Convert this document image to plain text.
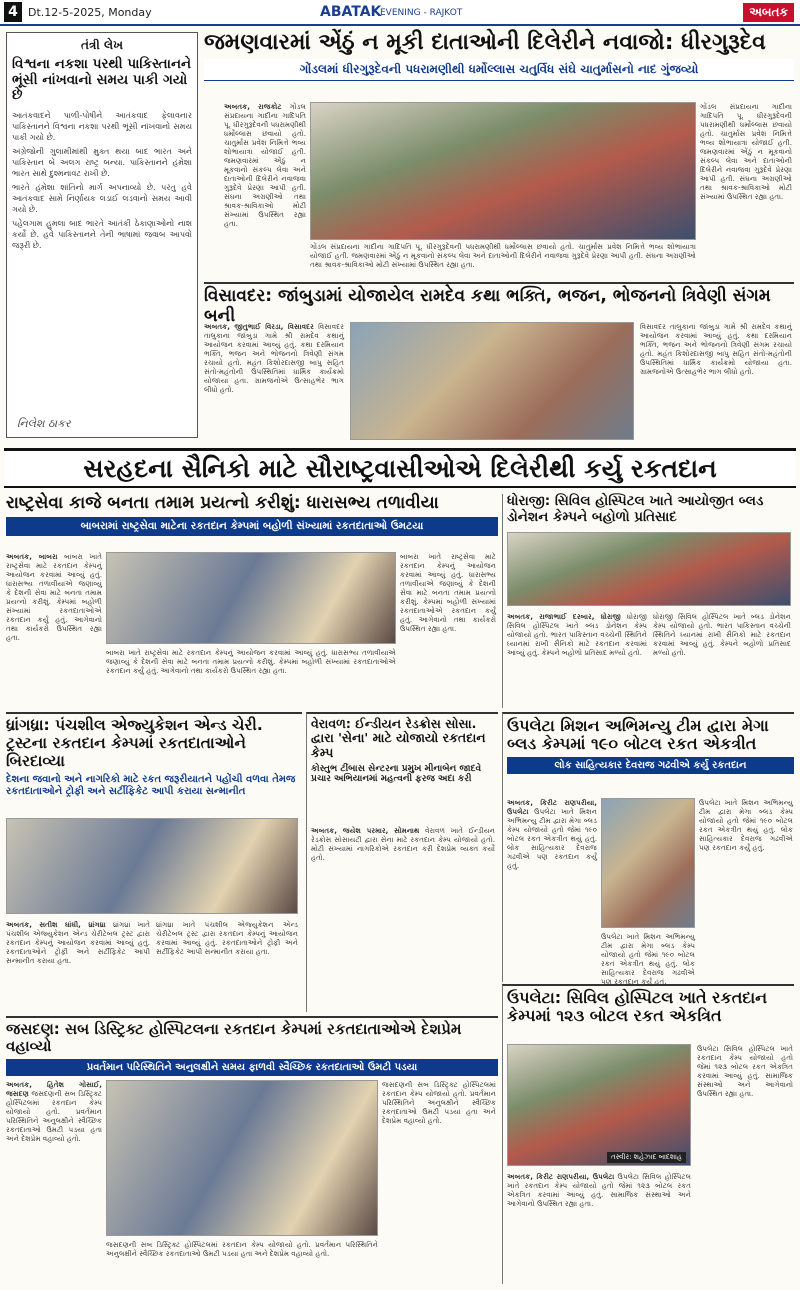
4 Dt.12-5-2025, Monday	ABATAK
EVENING - RAJKOT	અબતક
તંત્રી લેખ
વિશ્વના નકશા પરથી પાકિસ્તાનને ભૂંસી નાંખવાનો સમય પાકી ગયો છે

આતંકવાદને પાળી-પોષીને આતંકવાદ ફેલાવનાર પાકિસ્તાનને વિશ્વના નકશા પરથી ભૂંસી નાંખવાનો સમય પાકી ગયો છે.

અંગ્રેજોની ગુલામીમાંથી મુક્ત થયા બાદ ભારત અને પાકિસ્તાન બે અલગ રાષ્ટ્ર બન્યા. પાકિસ્તાનને હંમેશા ભારત સાથે દુશ્મનાવટ રાખી છે.

ભારતે હંમેશા શાંતિનો માર્ગ અપનાવ્યો છે. પરંતુ હવે આતંકવાદ સામે નિર્ણાયક લડાઈ લડવાનો સમય આવી ગયો છે.

પહેલગામ હુમલા બાદ ભારતે આતંકી ઠેકાણાઓનો નાશ કર્યો છે. હવે પાકિસ્તાનને તેની ભાષામાં જવાબ આપવો જરૂરી છે.

નિલેશ ઠાકર
જમણવારમાં એંઠું ન મૂકી દાતાઓની દિલેરીને નવાજો: ધીરગુરૂદેવ
ગોંડલમાં ધીરગુરૂદેવની પધરામણીથી ધર્મોલ્લાસ ચતુર્વિધ સંઘે ચાતુર્માસનો નાદ ગુંજવ્યો
અબતક, રાજકોટ ગોંડલ સંપ્રદાયના ગાદીના ગાદિપતિ પૂ. ધીરગુરૂદેવની પધરામણીથી ધર્મોલ્લાસ છવાયો હતો. ચાતુર્માસ પ્રવેશ નિમિત્તે ભવ્ય શોભાયાત્રા યોજાઈ હતી. જમણવારમાં એંઠું ન મૂકવાનો સંકલ્પ લેવા અને દાતાઓની દિલેરીને નવાજવા ગુરૂદેવે પ્રેરણા આપી હતી. સંઘના અગ્રણીઓ તથા શ્રાવક-શ્રાવિકાઓ મોટી સંખ્યામાં ઉપસ્થિત રહ્યા હતા.
ગોંડલ સંપ્રદાયના ગાદીના ગાદિપતિ પૂ. ધીરગુરૂદેવની પધરામણીથી ધર્મોલ્લાસ છવાયો હતો. ચાતુર્માસ પ્રવેશ નિમિત્તે ભવ્ય શોભાયાત્રા યોજાઈ હતી. જમણવારમાં એંઠું ન મૂકવાનો સંકલ્પ લેવા અને દાતાઓની દિલેરીને નવાજવા ગુરૂદેવે પ્રેરણા આપી હતી. સંઘના અગ્રણીઓ તથા શ્રાવક-શ્રાવિકાઓ મોટી સંખ્યામાં ઉપસ્થિત રહ્યા હતા.
ગોંડલ સંપ્રદાયના ગાદીના ગાદિપતિ પૂ. ધીરગુરૂદેવની પધરામણીથી ધર્મોલ્લાસ છવાયો હતો. ચાતુર્માસ પ્રવેશ નિમિત્તે ભવ્ય શોભાયાત્રા યોજાઈ હતી. જમણવારમાં એંઠું ન મૂકવાનો સંકલ્પ લેવા અને દાતાઓની દિલેરીને નવાજવા ગુરૂદેવે પ્રેરણા આપી હતી. સંઘના અગ્રણીઓ તથા શ્રાવક-શ્રાવિકાઓ મોટી સંખ્યામાં ઉપસ્થિત રહ્યા હતા.
વિસાવદર: જાંબુડામાં યોજાયેલ રામદેવ કથા ભક્તિ, ભજન, ભોજનનો ત્રિવેણી સંગમ બની
અબતક, જીતુભાઈ વિરડા, વિસાવદર વિસાવદર તાલુકાના જાંબુડા ગામે શ્રી રામદેવ કથાનું આયોજન કરવામાં આવ્યું હતું. કથા દરમિયાન ભક્તિ, ભજન અને ભોજનનો ત્રિવેણી સંગમ રચાયો હતો. મહંત કિશોરદાસજી બાપુ સહિત સંતો-મહંતોની ઉપસ્થિતિમાં ધાર્મિક કાર્યક્રમો યોજાયા હતા. ગ્રામજનોએ ઉત્સાહભેર ભાગ લીધો હતો.
વિસાવદર તાલુકાના જાંબુડા ગામે શ્રી રામદેવ કથાનું આયોજન કરવામાં આવ્યું હતું. કથા દરમિયાન ભક્તિ, ભજન અને ભોજનનો ત્રિવેણી સંગમ રચાયો હતો. મહંત કિશોરદાસજી બાપુ સહિત સંતો-મહંતોની ઉપસ્થિતિમાં ધાર્મિક કાર્યક્રમો યોજાયા હતા. ગ્રામજનોએ ઉત્સાહભેર ભાગ લીધો હતો.
સરહદના સૈનિકો માટે સૌરાષ્ટ્રવાસીઓએ દિલેરીથી કર્યુ રકતદાન
રાષ્ટ્રસેવા કાજે બનતા તમામ પ્રયત્નો કરીશું: ધારાસભ્ય તળાવીયા
બાબરામાં રાષ્ટ્રસેવા માટેના રકતદાન કેમ્પમાં બહોળી સંખ્યામાં રકતદાતાઓ ઉમટયા
અબતક, બાબરા બાબરા ખાતે રાષ્ટ્રસેવા માટે રકતદાન કેમ્પનું આયોજન કરવામાં આવ્યું હતું. ધારાસભ્ય તળાવીયાએ જણાવ્યું કે દેશની સેવા માટે બનતા તમામ પ્રયત્નો કરીશું. કેમ્પમાં બહોળી સંખ્યામાં રકતદાતાઓએ રકતદાન કર્યું હતું. આગેવાનો તથા કાર્યકરો ઉપસ્થિત રહ્યા હતા.
બાબરા ખાતે રાષ્ટ્રસેવા માટે રકતદાન કેમ્પનું આયોજન કરવામાં આવ્યું હતું. ધારાસભ્ય તળાવીયાએ જણાવ્યું કે દેશની સેવા માટે બનતા તમામ પ્રયત્નો કરીશું. કેમ્પમાં બહોળી સંખ્યામાં રકતદાતાઓએ રકતદાન કર્યું હતું. આગેવાનો તથા કાર્યકરો ઉપસ્થિત રહ્યા હતા.
બાબરા ખાતે રાષ્ટ્રસેવા માટે રકતદાન કેમ્પનું આયોજન કરવામાં આવ્યું હતું. ધારાસભ્ય તળાવીયાએ જણાવ્યું કે દેશની સેવા માટે બનતા તમામ પ્રયત્નો કરીશું. કેમ્પમાં બહોળી સંખ્યામાં રકતદાતાઓએ રકતદાન કર્યું હતું. આગેવાનો તથા કાર્યકરો ઉપસ્થિત રહ્યા હતા.
ધોરાજી: સિવિલ હોસ્પિટલ ખાતે આયોજીત બ્લડ ડોનેશન કેમ્પને બહોળો પ્રતિસાદ
અબતક, રાજાભાઈ દરબાર, ધોરાજી ધોરાજી સિવિલ હોસ્પિટલ ખાતે બ્લડ ડોનેશન કેમ્પ યોજાયો હતો. ભારત પાકિસ્તાન વચ્ચેની સ્થિતિને ધ્યાનમાં રાખી સૈનિકો માટે રકતદાન કરવામાં આવ્યું હતું. કેમ્પને બહોળો પ્રતિસાદ મળ્યો હતો.
ધોરાજી સિવિલ હોસ્પિટલ ખાતે બ્લડ ડોનેશન કેમ્પ યોજાયો હતો. ભારત પાકિસ્તાન વચ્ચેની સ્થિતિને ધ્યાનમાં રાખી સૈનિકો માટે રકતદાન કરવામાં આવ્યું હતું. કેમ્પને બહોળો પ્રતિસાદ મળ્યો હતો.
ધ્રાંગધ્રા: પંચશીલ એજ્યુકેશન એન્ડ ચેરી. ટ્રસ્ટના રકતદાન કેમ્પમાં રકતદાતાઓને બિરદાવ્યા
દેશના જવાનો અને નાગરિકો માટે રકત જરૂરીયાતને પહોંચી વળવા તેમજ રકતદાતાઓને ટ્રોફી અને સર્ટીફિકેટ આપી કરાયા સન્માનીત
અબતક, સતીશ ઘાંઘી, ધ્રાંગધ્રા ધ્રાંગધ્રા ખાતે પંચશીલ એજ્યુકેશન એન્ડ ચેરીટેબલ ટ્રસ્ટ દ્વારા રકતદાન કેમ્પનું આયોજન કરવામાં આવ્યું હતું. રકતદાતાઓને ટ્રોફી અને સર્ટીફિકેટ આપી સન્માનીત કરાયા હતા.
ધ્રાંગધ્રા ખાતે પંચશીલ એજ્યુકેશન એન્ડ ચેરીટેબલ ટ્રસ્ટ દ્વારા રકતદાન કેમ્પનું આયોજન કરવામાં આવ્યું હતું. રકતદાતાઓને ટ્રોફી અને સર્ટીફિકેટ આપી સન્માનીત કરાયા હતા.
વેરાવળ: ઈન્ડીયન રેડક્રોસ સોસા. દ્વારા 'સેના' માટે યોજાયો રકતદાન કેમ્પ
કોસ્તુભ ટીંબાસ સેન્ટરના પ્રમુખ મીનાબેન જાદવે પ્રચાર અભિયાનમાં મહત્વની ફરજ અદા કરી
અબતક, જયેશ પરમાર, સોમનાથ વેરાવળ ખાતે ઈન્ડીયન રેડક્રોસ સોસાયટી દ્વારા સેના માટે રકતદાન કેમ્પ યોજાયો હતો. મોટી સંખ્યામાં નાગરિકોએ રકતદાન કરી દેશપ્રેમ વ્યક્ત કર્યો હતો.
ઉપલેટા મિશન અભિમન્યુ ટીમ દ્વારા મેગા બ્લડ કેમ્પમાં ૧૯૦ બોટલ રકત એકત્રીત
લોક સાહિત્યકાર દેવરાજ ગઢવીએ કર્યુ રકતદાન
અબતક, કિરીટ રાણપરીયા, ઉપલેટા ઉપલેટા ખાતે મિશન અભિમન્યુ ટીમ દ્વારા મેગા બ્લડ કેમ્પ યોજાયો હતો જેમાં ૧૯૦ બોટલ રકત એકત્રીત થયું હતું. લોક સાહિત્યકાર દેવરાજ ગઢવીએ પણ રકતદાન કર્યું હતું.
ઉપલેટા ખાતે મિશન અભિમન્યુ ટીમ દ્વારા મેગા બ્લડ કેમ્પ યોજાયો હતો જેમાં ૧૯૦ બોટલ રકત એકત્રીત થયું હતું. લોક સાહિત્યકાર દેવરાજ ગઢવીએ પણ રકતદાન કર્યું હતું.
ઉપલેટા ખાતે મિશન અભિમન્યુ ટીમ દ્વારા મેગા બ્લડ કેમ્પ યોજાયો હતો જેમાં ૧૯૦ બોટલ રકત એકત્રીત થયું હતું. લોક સાહિત્યકાર દેવરાજ ગઢવીએ પણ રકતદાન કર્યું હતું.
ઉપલેટા: સિવિલ હોસ્પિટલ ખાતે રકતદાન કેમ્પમાં ૧૨૩ બોટલ રકત એકત્રિત
તસ્વીર: શહેઝાદ બાદશાહ
અબતક, કિરીટ રાણપરીયા, ઉપલેટા ઉપલેટા સિવિલ હોસ્પિટલ ખાતે રકતદાન કેમ્પ યોજાયો હતો જેમાં ૧૨૩ બોટલ રકત એકત્રિત કરવામાં આવ્યું હતું. સામાજિક સંસ્થાઓ અને આગેવાનો ઉપસ્થિત રહ્યા હતા.
ઉપલેટા સિવિલ હોસ્પિટલ ખાતે રકતદાન કેમ્પ યોજાયો હતો જેમાં ૧૨૩ બોટલ રકત એકત્રિત કરવામાં આવ્યું હતું. સામાજિક સંસ્થાઓ અને આગેવાનો ઉપસ્થિત રહ્યા હતા.
જસદણ: સબ ડિસ્ટ્રિક્ટ હોસ્પિટલના રકતદાન કેમ્પમાં રકતદાતાઓએ દેશપ્રેમ વહાવ્યો
પ્રવર્તમાન પરિસ્થિતિને અનુલક્ષીને સમય ફાળવી સ્વૈચ્છિક રકતદાતાઓ ઉમટી પડયા
અબતક, હિતેશ ગોસાઈ, જસદણ જસદણની સબ ડિસ્ટ્રિક્ટ હોસ્પિટલમાં રકતદાન કેમ્પ યોજાયો હતો. પ્રવર્તમાન પરિસ્થિતિને અનુલક્ષીને સ્વૈચ્છિક રકતદાતાઓ ઉમટી પડયા હતા અને દેશપ્રેમ વહાવ્યો હતો.
જસદણની સબ ડિસ્ટ્રિક્ટ હોસ્પિટલમાં રકતદાન કેમ્પ યોજાયો હતો. પ્રવર્તમાન પરિસ્થિતિને અનુલક્ષીને સ્વૈચ્છિક રકતદાતાઓ ઉમટી પડયા હતા અને દેશપ્રેમ વહાવ્યો હતો.
જસદણની સબ ડિસ્ટ્રિક્ટ હોસ્પિટલમાં રકતદાન કેમ્પ યોજાયો હતો. પ્રવર્તમાન પરિસ્થિતિને અનુલક્ષીને સ્વૈચ્છિક રકતદાતાઓ ઉમટી પડયા હતા અને દેશપ્રેમ વહાવ્યો હતો.
